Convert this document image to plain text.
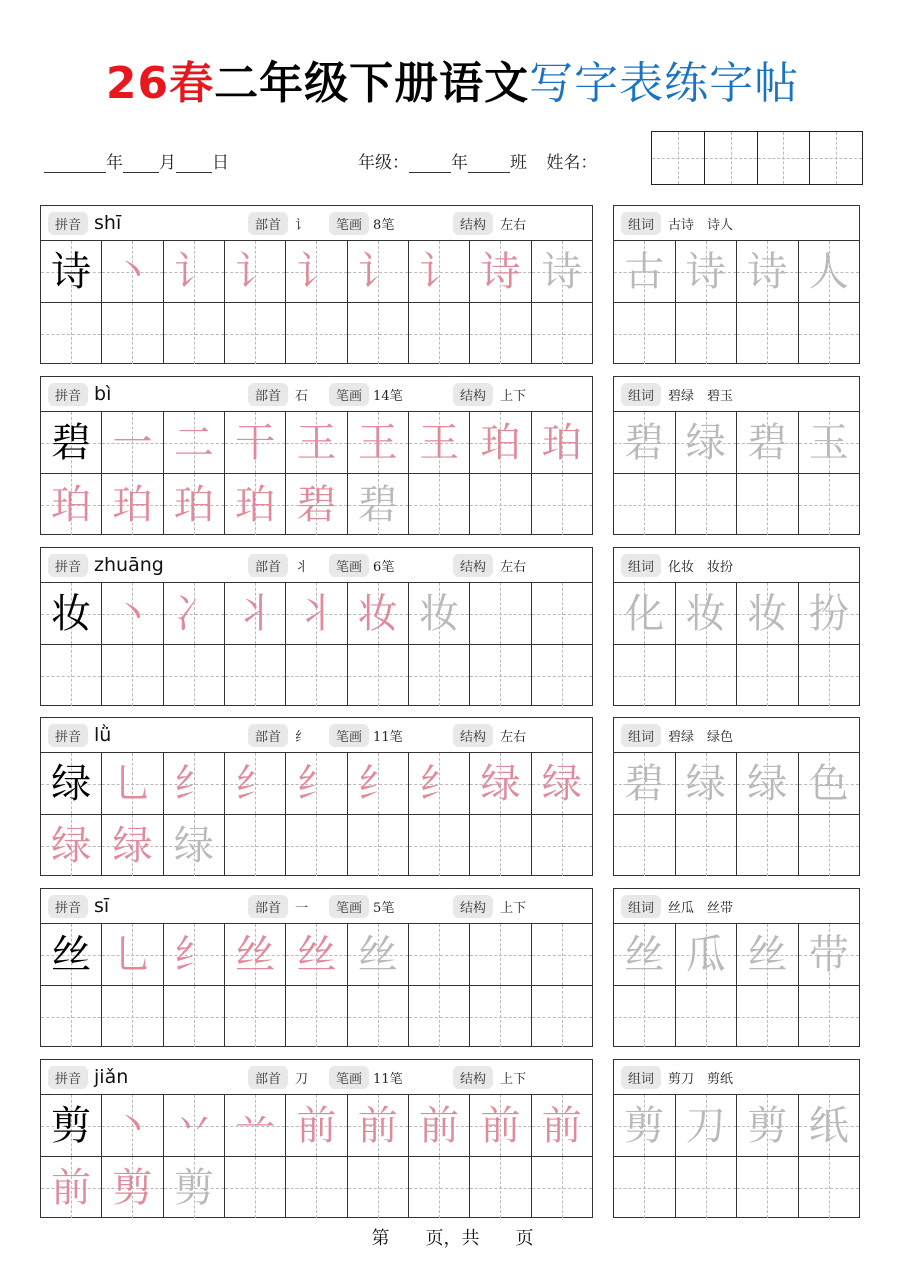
26春二年级下册语文写字表练字帖
年 月 日	年级： 年 班 姓名：
拼音 shī	部首	讠	笔画 8笔	结构	左右
诗 丶 讠 讠 讠 讠 讠 诗 诗
组词	古诗　诗人
古 诗 诗 人
拼音 bì	部首	石	笔画 14笔	结构	上下
碧 一 二 干 王 王 王 珀 珀
珀 珀 珀 珀 碧 碧
组词	碧绿　碧玉
碧 绿 碧 玉
拼音 zhuāng	部首	丬	笔画 6笔	结构	左右
妆 丶 冫 丬 丬 妆 妆
组词	化妆　妆扮
化 妆 妆 扮
拼音 lǜ	部首	纟	笔画 11笔	结构	左右
绿 乚 纟 纟 纟 纟 纟 绿 绿
绿 绿 绿
组词	碧绿　绿色
碧 绿 绿 色
拼音 sī	部首	一	笔画 5笔	结构	上下
丝 乚 纟 丝 丝 丝
组词	丝瓜　丝带
丝 瓜 丝 带
拼音 jiǎn	部首	刀	笔画 11笔	结构	上下
剪 丶 丷 䒑 前 前 前 前 前
前 剪 剪
组词	剪刀　剪纸
剪 刀 剪 纸
第 页，共 页
